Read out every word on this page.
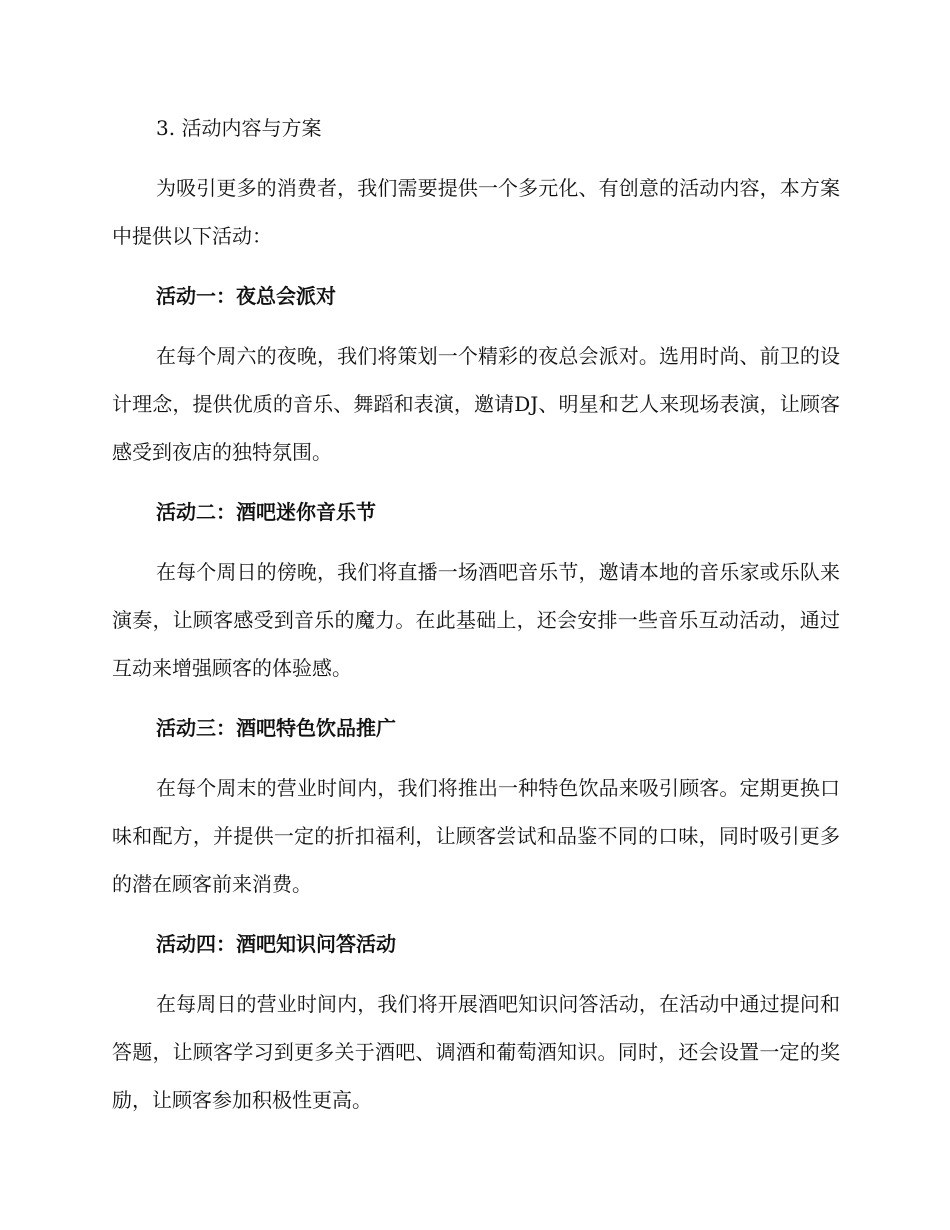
3. 活动内容与方案

为吸引更多的消费者，我们需要提供一个多元化、有创意的活动内容，本方案中提供以下活动：

活动一：夜总会派对

在每个周六的夜晚，我们将策划一个精彩的夜总会派对。选用时尚、前卫的设计理念，提供优质的音乐、舞蹈和表演，邀请DJ、明星和艺人来现场表演，让顾客感受到夜店的独特氛围。

活动二：酒吧迷你音乐节

在每个周日的傍晚，我们将直播一场酒吧音乐节，邀请本地的音乐家或乐队来演奏，让顾客感受到音乐的魔力。在此基础上，还会安排一些音乐互动活动，通过互动来增强顾客的体验感。

活动三：酒吧特色饮品推广

在每个周末的营业时间内，我们将推出一种特色饮品来吸引顾客。定期更换口味和配方，并提供一定的折扣福利，让顾客尝试和品鉴不同的口味，同时吸引更多的潜在顾客前来消费。

活动四：酒吧知识问答活动

在每周日的营业时间内，我们将开展酒吧知识问答活动，在活动中通过提问和答题，让顾客学习到更多关于酒吧、调酒和葡萄酒知识。同时，还会设置一定的奖励，让顾客参加积极性更高。
